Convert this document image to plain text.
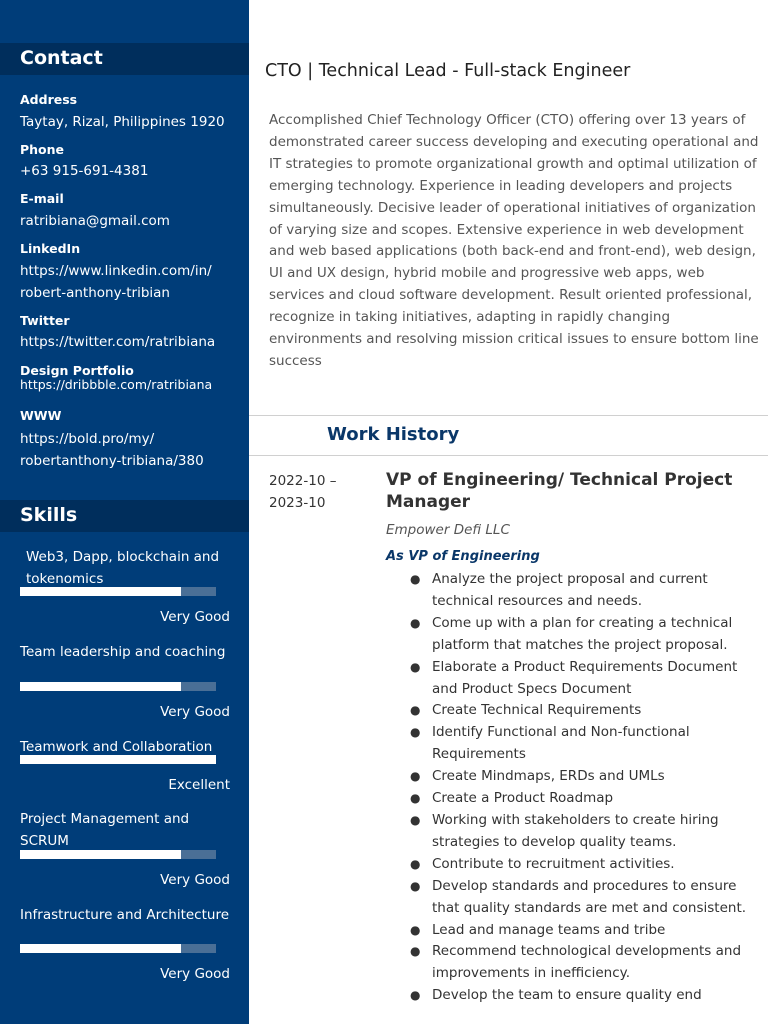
Contact
Address
Taytay, Rizal, Philippines 1920
Phone
+63 915-691-4381
E-mail
ratribiana@gmail.com
LinkedIn
https://www.linkedin.com/in/ robert-anthony-tribian
Twitter
https://twitter.com/ratribiana
Design Portfolio
https://dribbble.com/ratribiana
WWW
https://bold.pro/my/ robertanthony-tribiana/380
Skills
Web3, Dapp, blockchain and tokenomics
Very Good
Team leadership and coaching
Very Good
Teamwork and Collaboration
Excellent
Project Management and SCRUM
Very Good
Infrastructure and Architecture
Very Good
CTO | Technical Lead - Full-stack Engineer
Accomplished Chief Technology Officer (CTO) offering over 13 years of demonstrated career success developing and executing operational and IT strategies to promote organizational growth and optimal utilization of emerging technology. Experience in leading developers and projects simultaneously. Decisive leader of operational initiatives of organization of varying size and scopes. Extensive experience in web development and web based applications (both back-end and front-end), web design, UI and UX design, hybrid mobile and progressive web apps, web services and cloud software development. Result oriented professional, recognize in taking initiatives, adapting in rapidly changing environments and resolving mission critical issues to ensure bottom line success
Work History
2022-10 – 2023-10
VP of Engineering/ Technical Project Manager
Empower Defi LLC
As VP of Engineering
● Analyze the project proposal and current technical resources and needs.
● Come up with a plan for creating a technical platform that matches the project proposal.
● Elaborate a Product Requirements Document and Product Specs Document
● Create Technical Requirements
● Identify Functional and Non-functional Requirements
● Create Mindmaps, ERDs and UMLs
● Create a Product Roadmap
● Working with stakeholders to create hiring strategies to develop quality teams.
● Contribute to recruitment activities.
● Develop standards and procedures to ensure that quality standards are met and consistent.
● Lead and manage teams and tribe
● Recommend technological developments and improvements in inefficiency.
● Develop the team to ensure quality end
